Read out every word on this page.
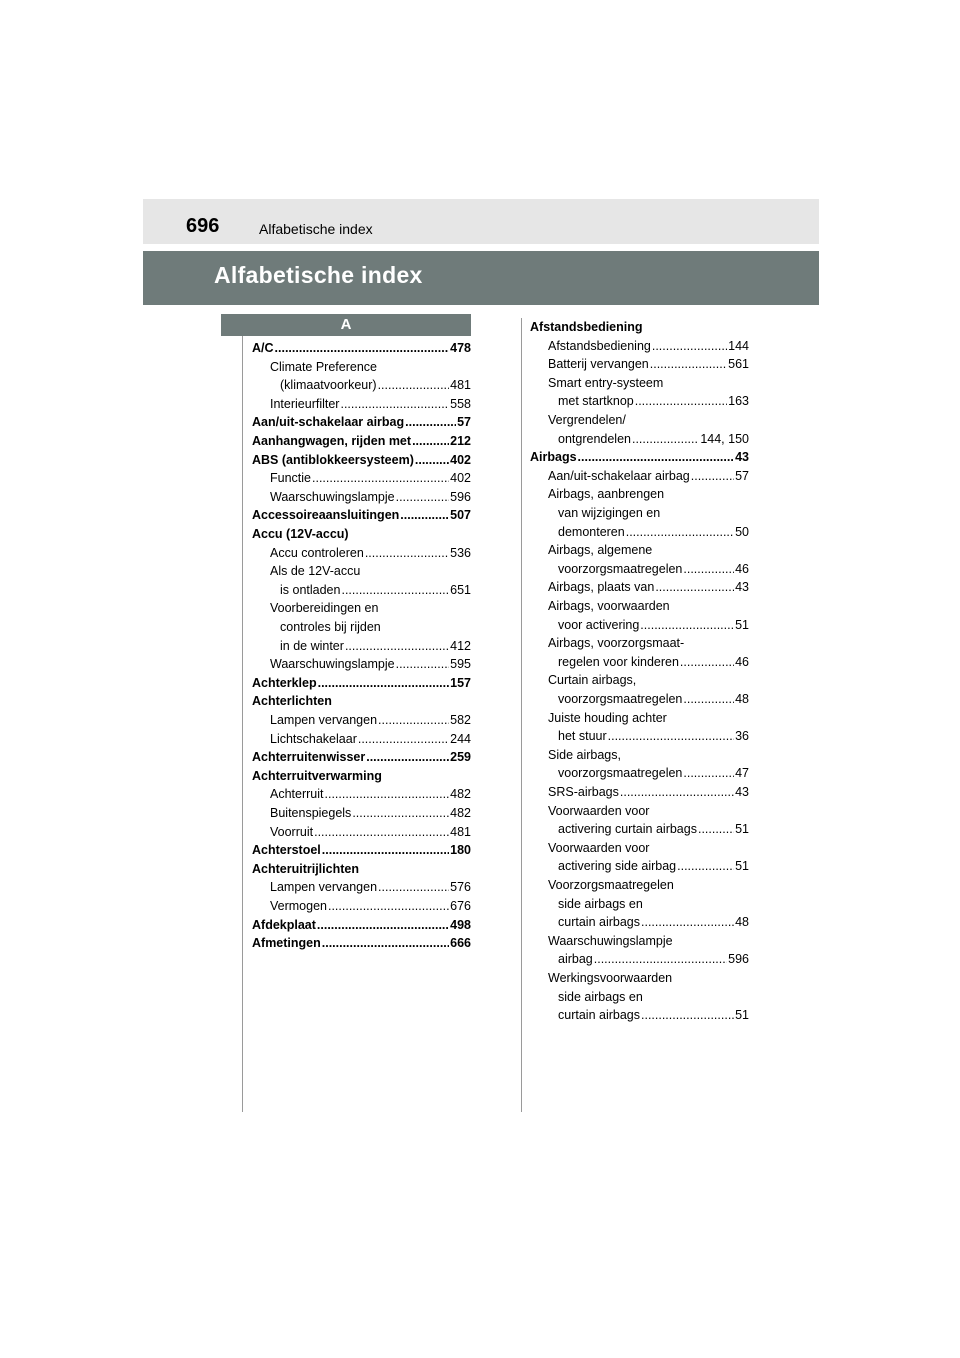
696	Alfabetische index
Alfabetische index
A
A/C .....	478
Climate Preference
(klimaatvoorkeur) .....	481
Interieurfilter .....	558
Aan/uit-schakelaar airbag .....	57
Aanhangwagen, rijden met .....	212
ABS (antiblokkeersysteem) .....	402
Functie .....	402
Waarschuwingslampje .....	596
Accessoireaansluitingen .....	507
Accu (12V-accu)
Accu controleren .....	536
Als de 12V-accu
is ontladen .....	651
Voorbereidingen en
controles bij rijden
in de winter .....	412
Waarschuwingslampje .....	595
Achterklep .....	157
Achterlichten
Lampen vervangen .....	582
Lichtschakelaar .....	244
Achterruitenwisser .....	259
Achterruitverwarming
Achterruit .....	482
Buitenspiegels .....	482
Voorruit .....	481
Achterstoel .....	180
Achteruitrijlichten
Lampen vervangen .....	576
Vermogen .....	676
Afdekplaat .....	498
Afmetingen .....	666
Afstandsbediening
Afstandsbediening .....	144
Batterij vervangen .....	561
Smart entry-systeem
met startknop .....	163
Vergrendelen/
ontgrendelen .....	144, 150
Airbags .....	43
Aan/uit-schakelaar airbag .....	57
Airbags, aanbrengen
van wijzigingen en
demonteren .....	50
Airbags, algemene
voorzorgsmaatregelen .....	46
Airbags, plaats van .....	43
Airbags, voorwaarden
voor activering .....	51
Airbags, voorzorgsmaat-
regelen voor kinderen .....	46
Curtain airbags,
voorzorgsmaatregelen .....	48
Juiste houding achter
het stuur .....	36
Side airbags,
voorzorgsmaatregelen .....	47
SRS-airbags .....	43
Voorwaarden voor
activering curtain airbags .....	51
Voorwaarden voor
activering side airbag .....	51
Voorzorgsmaatregelen
side airbags en
curtain airbags .....	48
Waarschuwingslampje
airbag .....	596
Werkingsvoorwaarden
side airbags en
curtain airbags .....	51
